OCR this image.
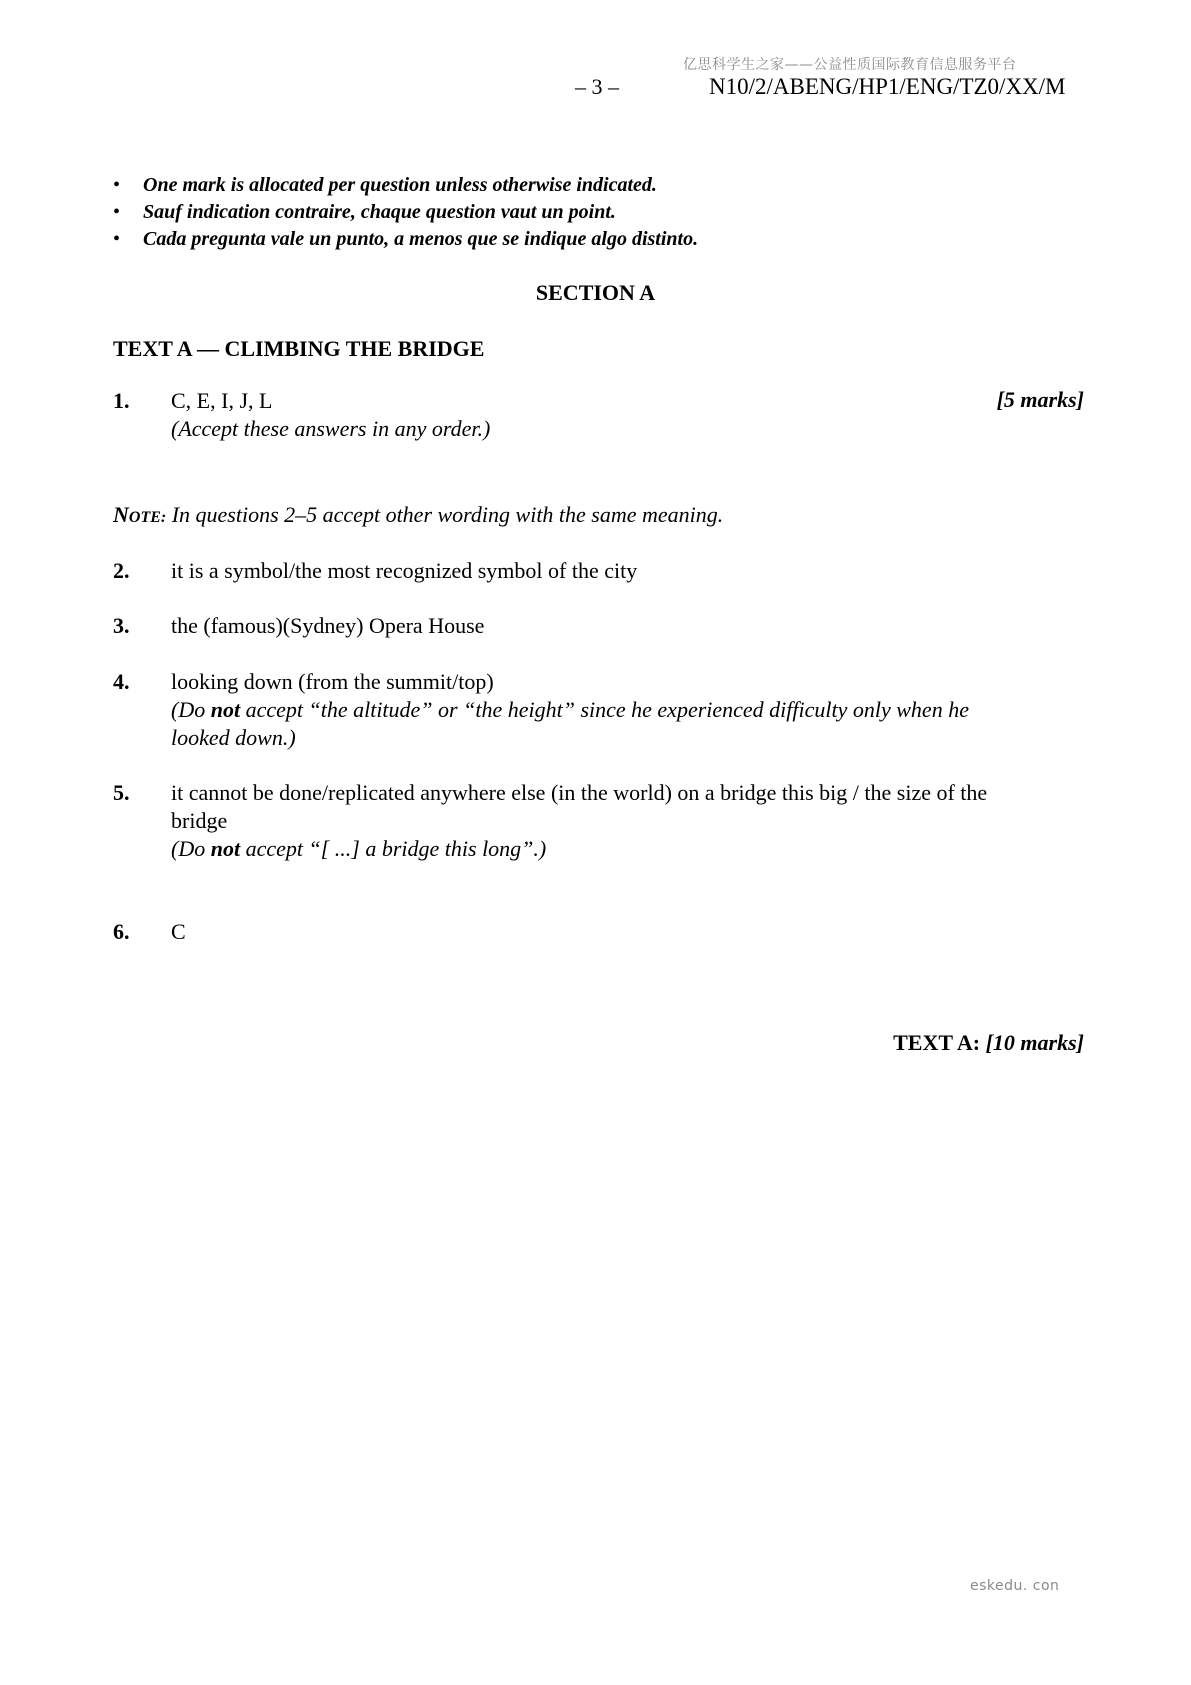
亿思科学生之家——公益性质国际教育信息服务平台
– 3 –	N10/2/ABENG/HP1/ENG/TZ0/XX/M
• One mark is allocated per question unless otherwise indicated.
• Sauf indication contraire, chaque question vaut un point.
• Cada pregunta vale un punto, a menos que se indique algo distinto.
SECTION A
TEXT A — CLIMBING THE BRIDGE
1. C, E, I, J, L
(Accept these answers in any order.)
[5 marks]
NOTE: In questions 2–5 accept other wording with the same meaning.
2. it is a symbol/the most recognized symbol of the city
3. the (famous)(Sydney) Opera House
4. looking down (from the summit/top)
(Do not accept “the altitude” or “the height” since he experienced difficulty only when he looked down.)
5. it cannot be done/replicated anywhere else (in the world) on a bridge this big / the size of the bridge
(Do not accept “[ ...] a bridge this long”.)
6. C
TEXT A: [10 marks]
eskedu. con
